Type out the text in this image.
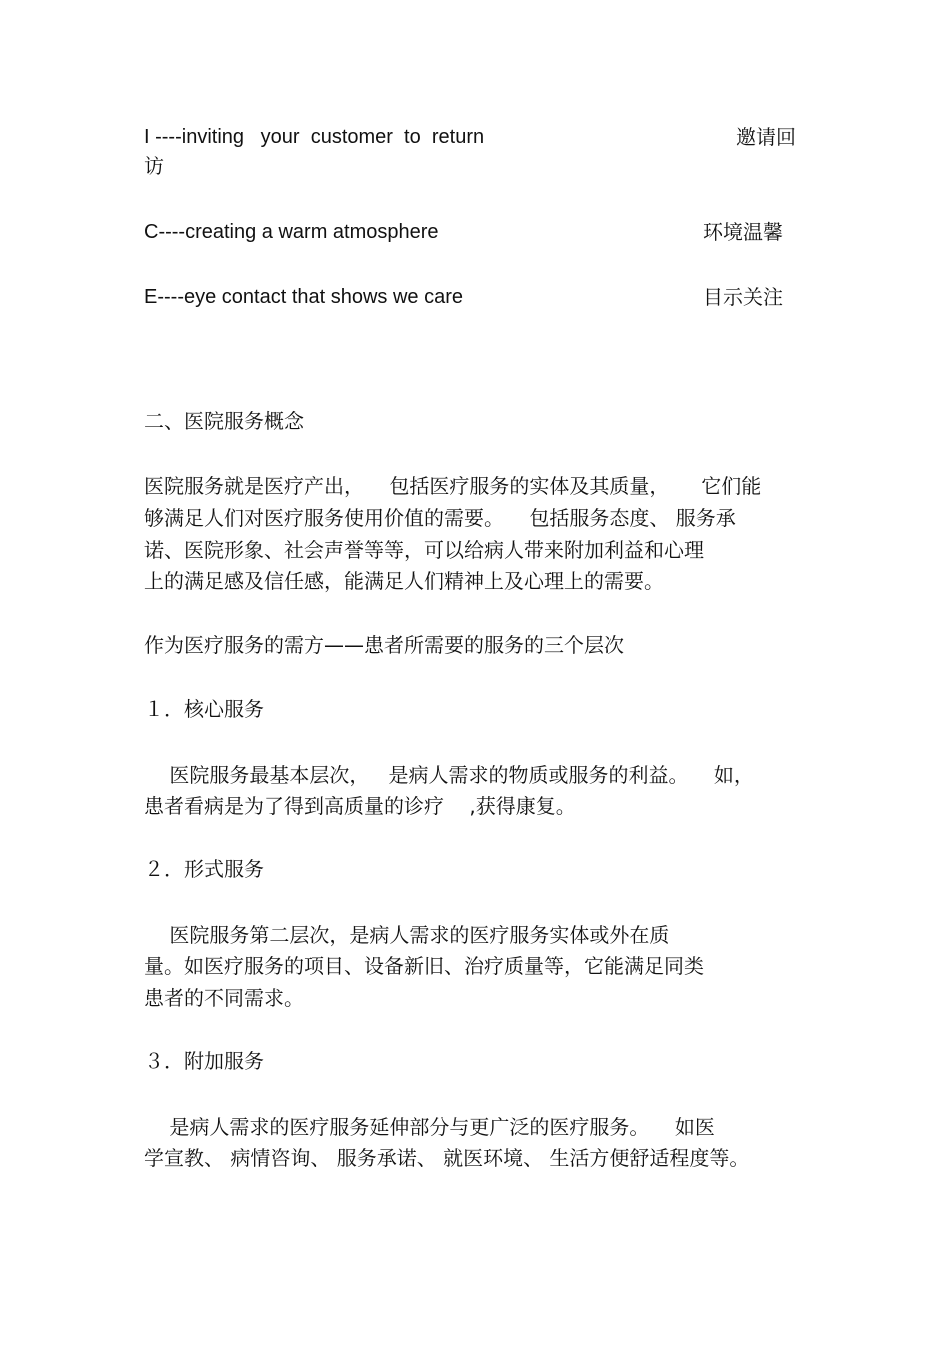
I ----inviting   your  customer  to  return	邀请回
访
C----creating a warm atmosphere	环境温馨
E----eye contact that shows we care	目示关注
二、医院服务概念
医院服务就是医疗产出，    包括医疗服务的实体及其质量，     它们能
够满足人们对医疗服务使用价值的需要。    包括服务态度、 服务承
诺、医院形象、社会声誉等等，可以给病人带来附加利益和心理
上的满足感及信任感，能满足人们精神上及心理上的需要。
作为医疗服务的需方——患者所需要的服务的三个层次
１．核心服务
医院服务最基本层次，   是病人需求的物质或服务的利益。    如，
患者看病是为了得到高质量的诊疗    ,获得康复。
２．形式服务
医院服务第二层次，是病人需求的医疗服务实体或外在质
量。如医疗服务的项目、设备新旧、治疗质量等，它能满足同类
患者的不同需求。
３．附加服务
是病人需求的医疗服务延伸部分与更广泛的医疗服务。    如医
学宣教、 病情咨询、 服务承诺、 就医环境、 生活方便舒适程度等。
